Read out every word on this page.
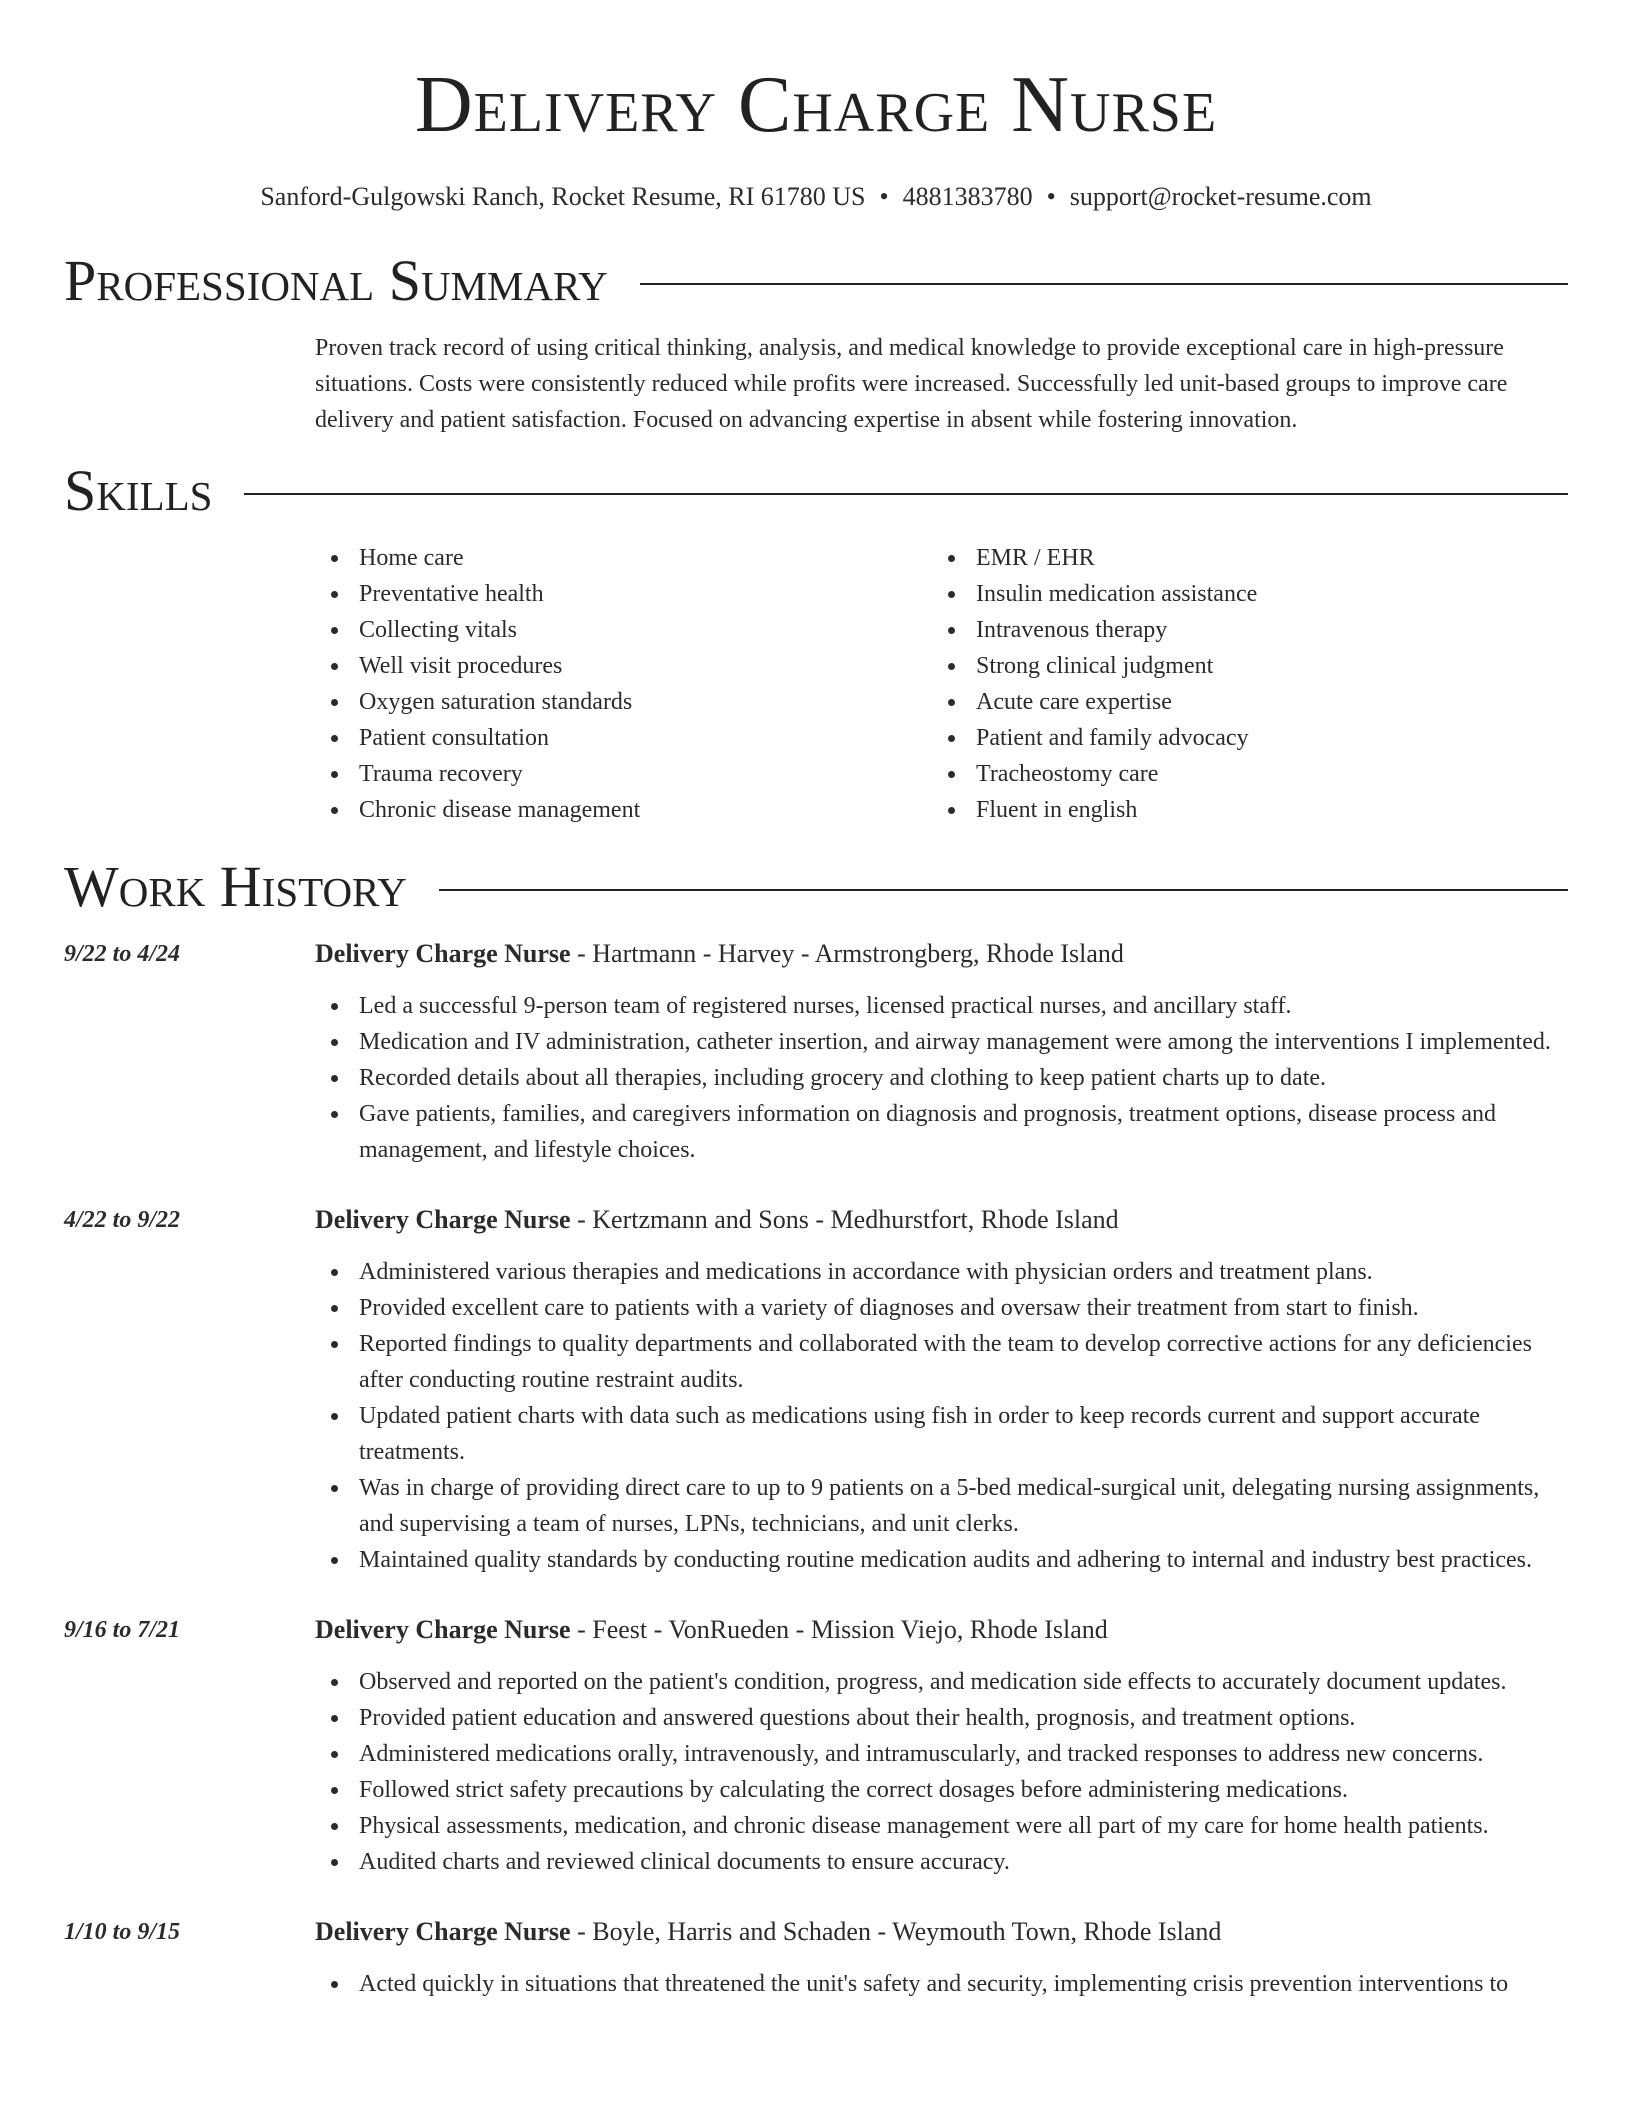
Delivery Charge Nurse
Sanford-Gulgowski Ranch, Rocket Resume, RI 61780 US • 4881383780 • support@rocket-resume.com
Professional Summary
Proven track record of using critical thinking, analysis, and medical knowledge to provide exceptional care in high-pressure situations. Costs were consistently reduced while profits were increased. Successfully led unit-based groups to improve care delivery and patient satisfaction. Focused on advancing expertise in absent while fostering innovation.
Skills
Home care
Preventative health
Collecting vitals
Well visit procedures
Oxygen saturation standards
Patient consultation
Trauma recovery
Chronic disease management
EMR / EHR
Insulin medication assistance
Intravenous therapy
Strong clinical judgment
Acute care expertise
Patient and family advocacy
Tracheostomy care
Fluent in english
Work History
9/22 to 4/24	Delivery Charge Nurse - Hartmann - Harvey - Armstrongberg, Rhode Island
Led a successful 9-person team of registered nurses, licensed practical nurses, and ancillary staff.
Medication and IV administration, catheter insertion, and airway management were among the interventions I implemented.
Recorded details about all therapies, including grocery and clothing to keep patient charts up to date.
Gave patients, families, and caregivers information on diagnosis and prognosis, treatment options, disease process and management, and lifestyle choices.
4/22 to 9/22	Delivery Charge Nurse - Kertzmann and Sons - Medhurstfort, Rhode Island
Administered various therapies and medications in accordance with physician orders and treatment plans.
Provided excellent care to patients with a variety of diagnoses and oversaw their treatment from start to finish.
Reported findings to quality departments and collaborated with the team to develop corrective actions for any deficiencies after conducting routine restraint audits.
Updated patient charts with data such as medications using fish in order to keep records current and support accurate treatments.
Was in charge of providing direct care to up to 9 patients on a 5-bed medical-surgical unit, delegating nursing assignments, and supervising a team of nurses, LPNs, technicians, and unit clerks.
Maintained quality standards by conducting routine medication audits and adhering to internal and industry best practices.
9/16 to 7/21	Delivery Charge Nurse - Feest - VonRueden - Mission Viejo, Rhode Island
Observed and reported on the patient's condition, progress, and medication side effects to accurately document updates.
Provided patient education and answered questions about their health, prognosis, and treatment options.
Administered medications orally, intravenously, and intramuscularly, and tracked responses to address new concerns.
Followed strict safety precautions by calculating the correct dosages before administering medications.
Physical assessments, medication, and chronic disease management were all part of my care for home health patients.
Audited charts and reviewed clinical documents to ensure accuracy.
1/10 to 9/15	Delivery Charge Nurse - Boyle, Harris and Schaden - Weymouth Town, Rhode Island
Acted quickly in situations that threatened the unit's safety and security, implementing crisis prevention interventions to
